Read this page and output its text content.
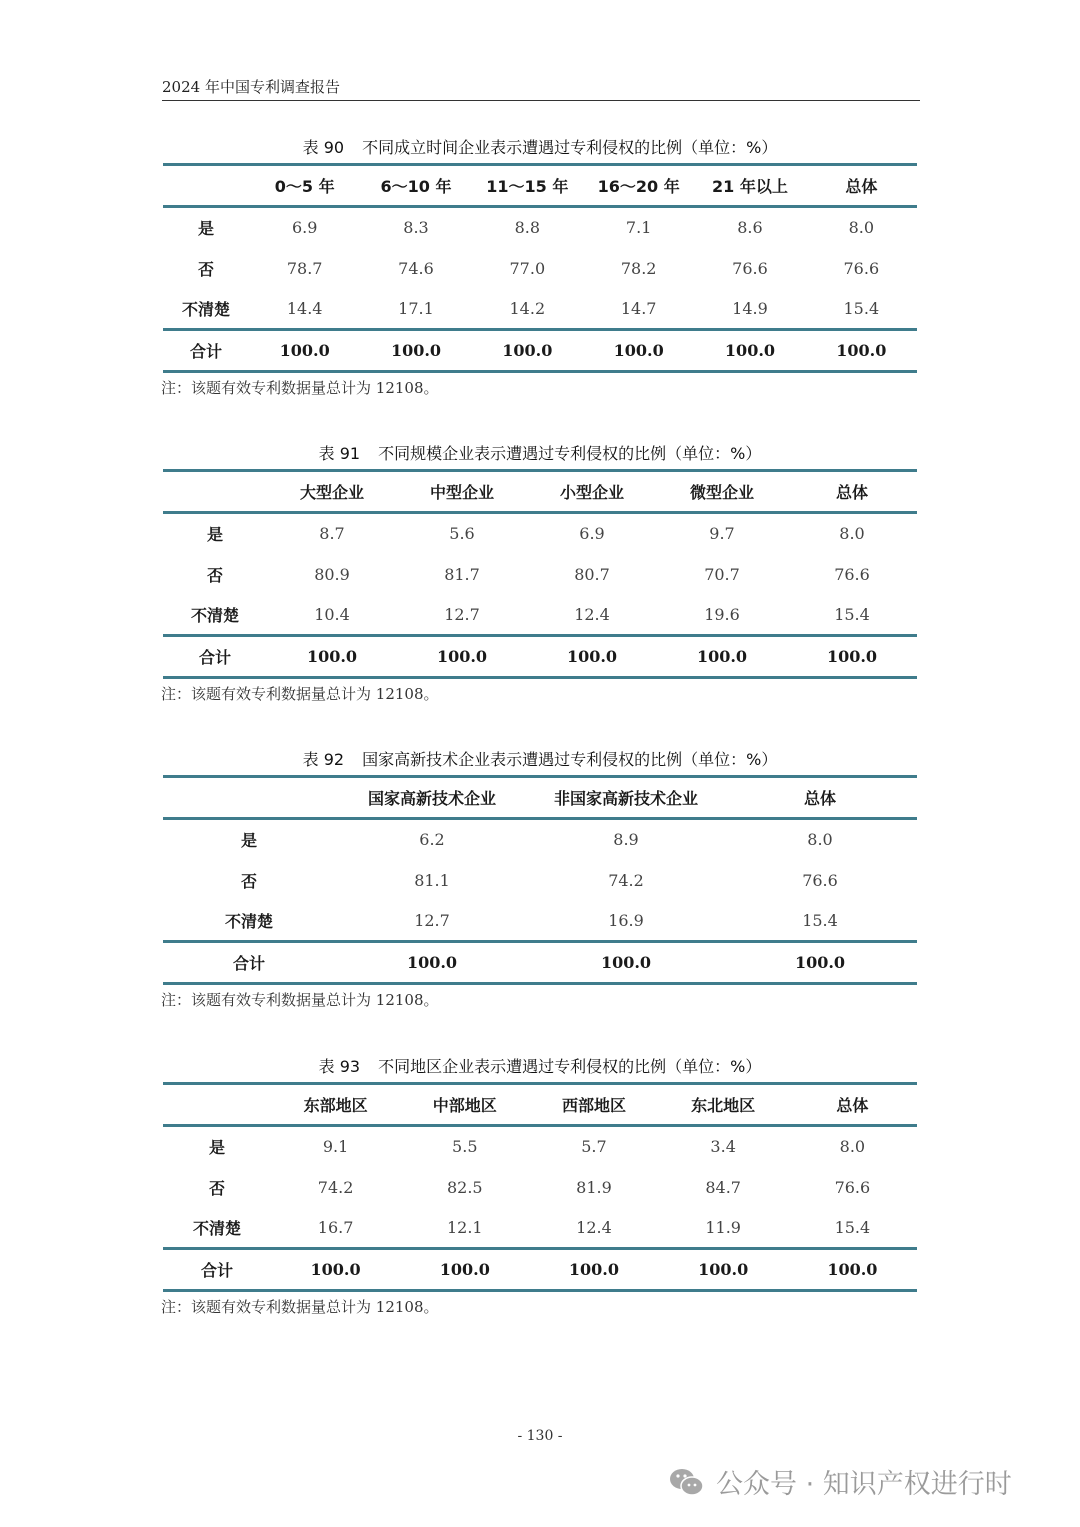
2024 年中国专利调查报告
表 90 不同成立时间企业表示遭遇过专利侵权的比例（单位：%）
	0～5 年	6～10 年	11～15 年	16～20 年	21 年以上	总体
是	6.9	8.3	8.8	7.1	8.6	8.0
否	78.7	74.6	77.0	78.2	76.6	76.6
不清楚	14.4	17.1	14.2	14.7	14.9	15.4
合计	100.0	100.0	100.0	100.0	100.0	100.0
注：该题有效专利数据量总计为 12108。
表 91 不同规模企业表示遭遇过专利侵权的比例（单位：%）
	大型企业	中型企业	小型企业	微型企业	总体
是	8.7	5.6	6.9	9.7	8.0
否	80.9	81.7	80.7	70.7	76.6
不清楚	10.4	12.7	12.4	19.6	15.4
合计	100.0	100.0	100.0	100.0	100.0
注：该题有效专利数据量总计为 12108。
表 92 国家高新技术企业表示遭遇过专利侵权的比例（单位：%）
	国家高新技术企业	非国家高新技术企业	总体
是	6.2	8.9	8.0
否	81.1	74.2	76.6
不清楚	12.7	16.9	15.4
合计	100.0	100.0	100.0
注：该题有效专利数据量总计为 12108。
表 93 不同地区企业表示遭遇过专利侵权的比例（单位：%）
	东部地区	中部地区	西部地区	东北地区	总体
是	9.1	5.5	5.7	3.4	8.0
否	74.2	82.5	81.9	84.7	76.6
不清楚	16.7	12.1	12.4	11.9	15.4
合计	100.0	100.0	100.0	100.0	100.0
注：该题有效专利数据量总计为 12108。
- 130 -
公众号 · 知识产权进行时
